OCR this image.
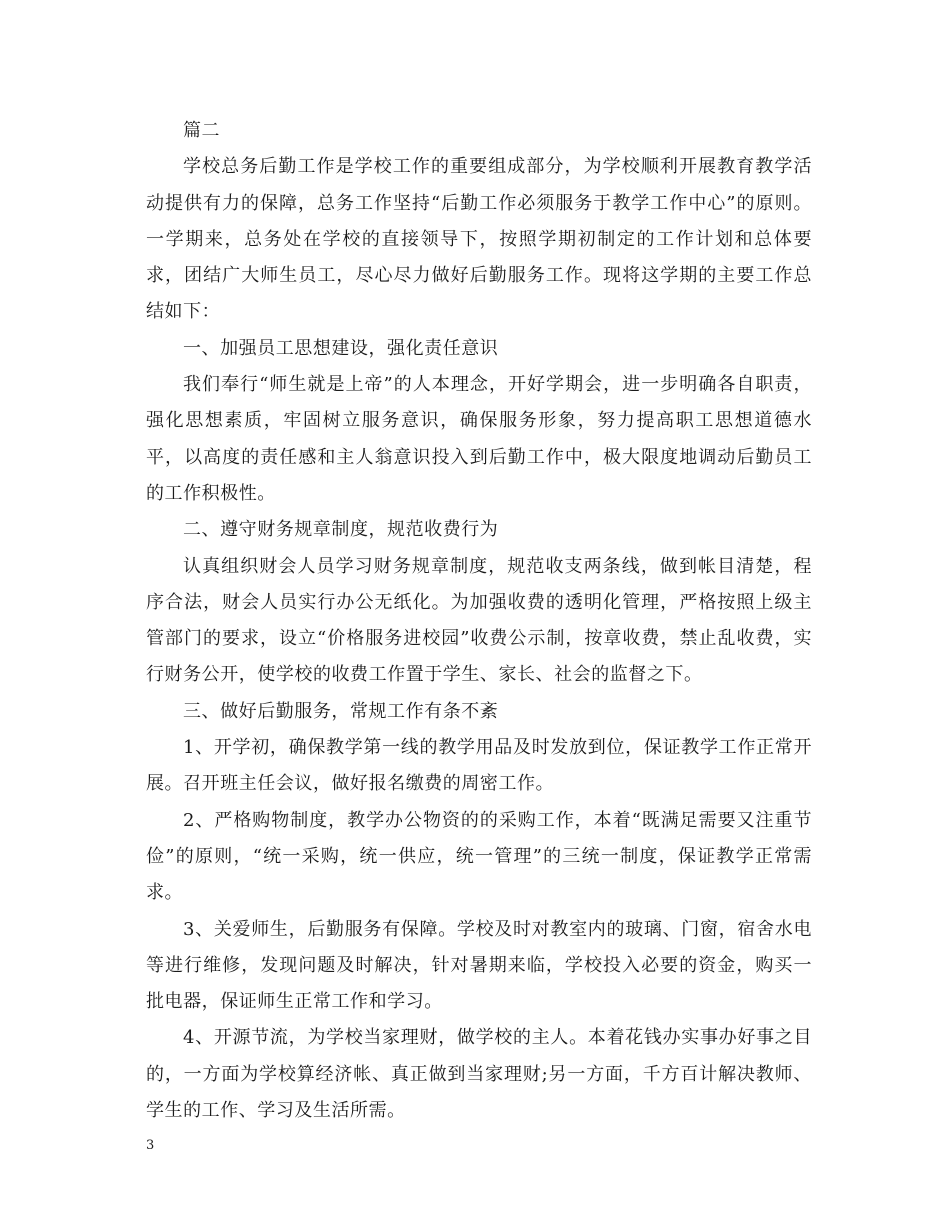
篇二

学校总务后勤工作是学校工作的重要组成部分，为学校顺利开展教育教学活动提供有力的保障，总务工作坚持“后勤工作必须服务于教学工作中心”的原则。一学期来，总务处在学校的直接领导下，按照学期初制定的工作计划和总体要求，团结广大师生员工，尽心尽力做好后勤服务工作。现将这学期的主要工作总结如下：

一、加强员工思想建设，强化责任意识

我们奉行“师生就是上帝”的人本理念，开好学期会，进一步明确各自职责，强化思想素质，牢固树立服务意识，确保服务形象，努力提高职工思想道德水平，以高度的责任感和主人翁意识投入到后勤工作中，极大限度地调动后勤员工的工作积极性。

二、遵守财务规章制度，规范收费行为

认真组织财会人员学习财务规章制度，规范收支两条线，做到帐目清楚，程序合法，财会人员实行办公无纸化。为加强收费的透明化管理，严格按照上级主管部门的要求，设立“价格服务进校园”收费公示制，按章收费，禁止乱收费，实行财务公开，使学校的收费工作置于学生、家长、社会的监督之下。

三、做好后勤服务，常规工作有条不紊

1、开学初，确保教学第一线的教学用品及时发放到位，保证教学工作正常开展。召开班主任会议，做好报名缴费的周密工作。

2、严格购物制度，教学办公物资的的采购工作，本着“既满足需要又注重节俭”的原则，“统一采购，统一供应，统一管理”的三统一制度，保证教学正常需求。

3、关爱师生，后勤服务有保障。学校及时对教室内的玻璃、门窗，宿舍水电等进行维修，发现问题及时解决，针对暑期来临，学校投入必要的资金，购买一批电器，保证师生正常工作和学习。

4、开源节流，为学校当家理财，做学校的主人。本着花钱办实事办好事之目的，一方面为学校算经济帐、真正做到当家理财;另一方面，千方百计解决教师、学生的工作、学习及生活所需。

3
